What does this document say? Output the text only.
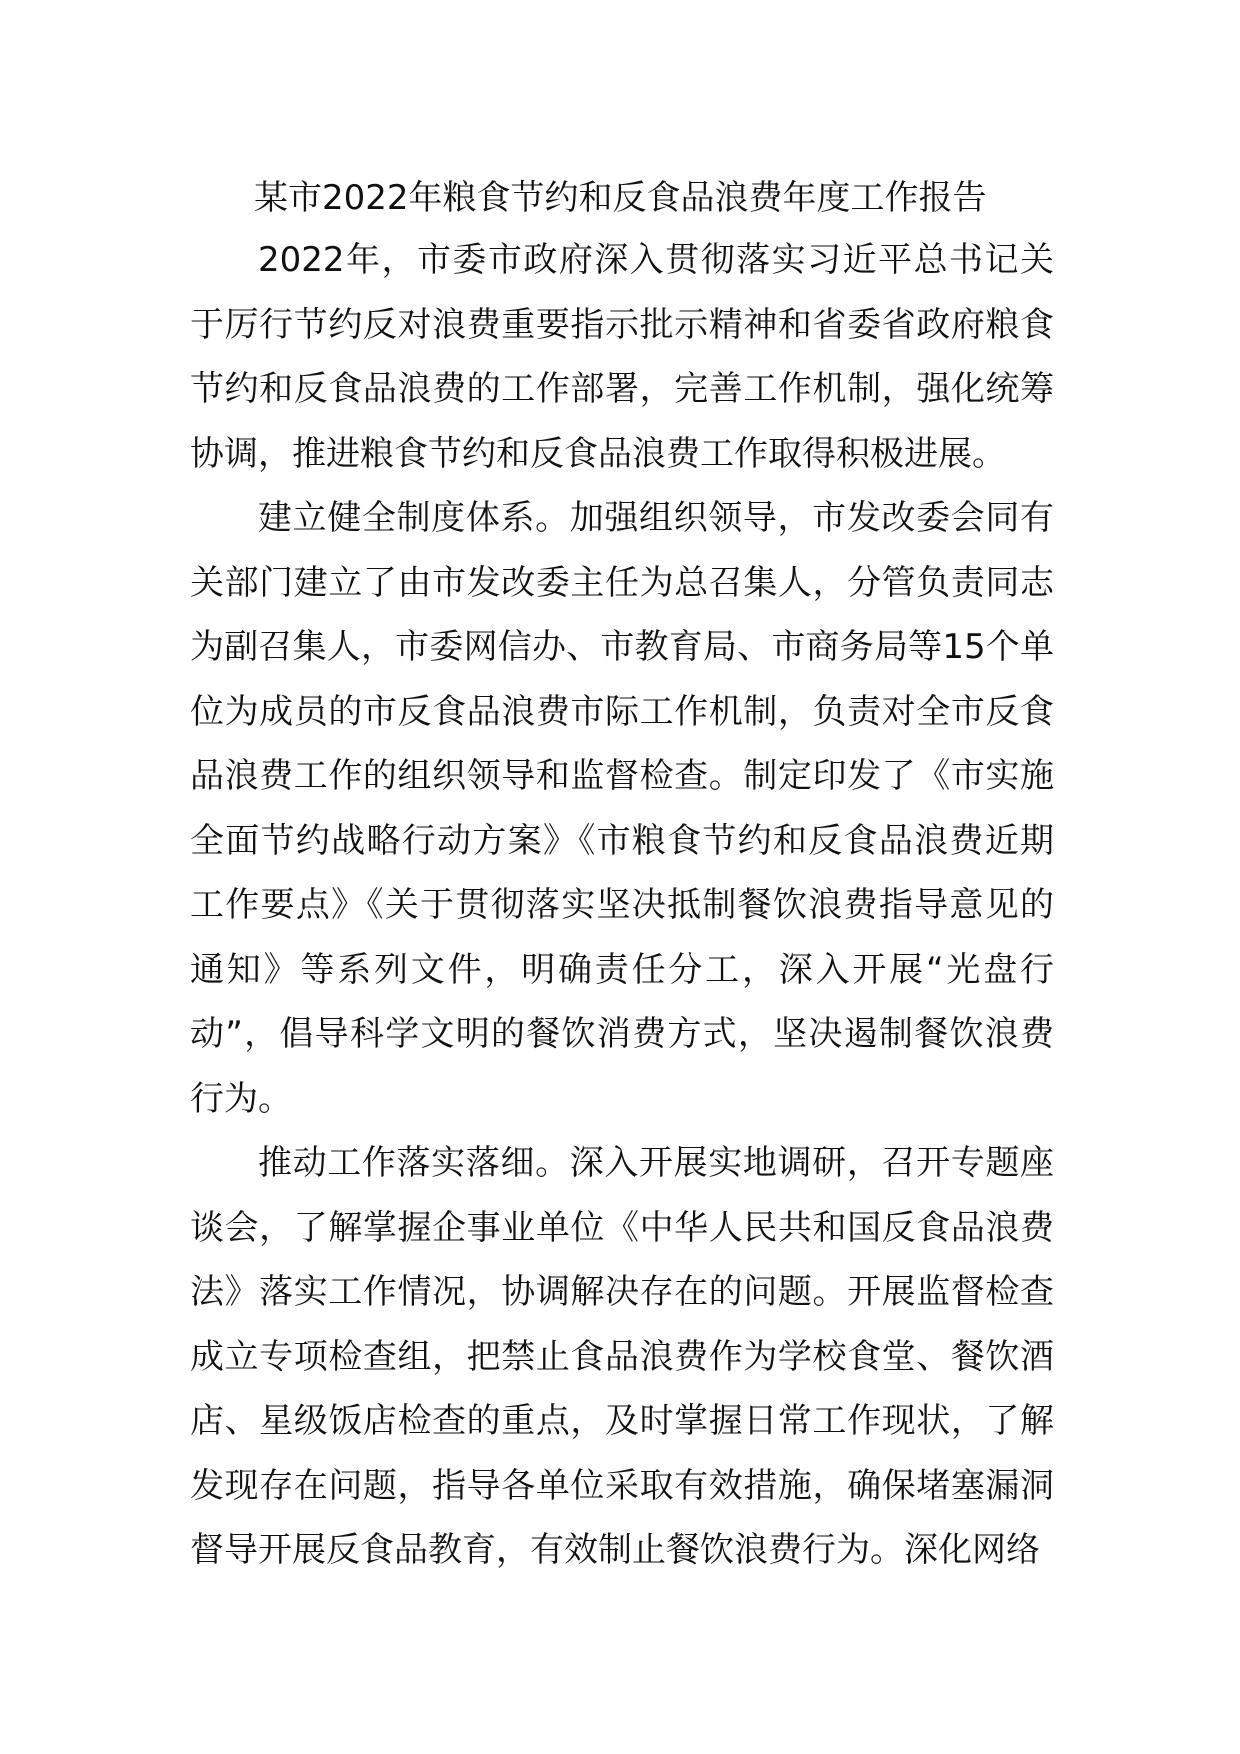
某市2022年粮食节约和反食品浪费年度工作报告

2022年，市委市政府深入贯彻落实习近平总书记关于厉行节约反对浪费重要指示批示精神和省委省政府粮食节约和反食品浪费的工作部署，完善工作机制，强化统筹协调，推进粮食节约和反食品浪费工作取得积极进展。

建立健全制度体系。加强组织领导，市发改委会同有关部门建立了由市发改委主任为总召集人，分管负责同志为副召集人，市委网信办、市教育局、市商务局等15个单位为成员的市反食品浪费市际工作机制，负责对全市反食品浪费工作的组织领导和监督检查。制定印发了《市实施全面节约战略行动方案》《市粮食节约和反食品浪费近期工作要点》《关于贯彻落实坚决抵制餐饮浪费指导意见的通知》等系列文件，明确责任分工，深入开展“光盘行动”，倡导科学文明的餐饮消费方式，坚决遏制餐饮浪费行为。

推动工作落实落细。深入开展实地调研，召开专题座谈会，了解掌握企事业单位《中华人民共和国反食品浪费法》落实工作情况，协调解决存在的问题。开展监督检查成立专项检查组，把禁止食品浪费作为学校食堂、餐饮酒店、星级饭店检查的重点，及时掌握日常工作现状，了解发现存在问题，指导各单位采取有效措施，确保堵塞漏洞督导开展反食品教育，有效制止餐饮浪费行为。深化网络
